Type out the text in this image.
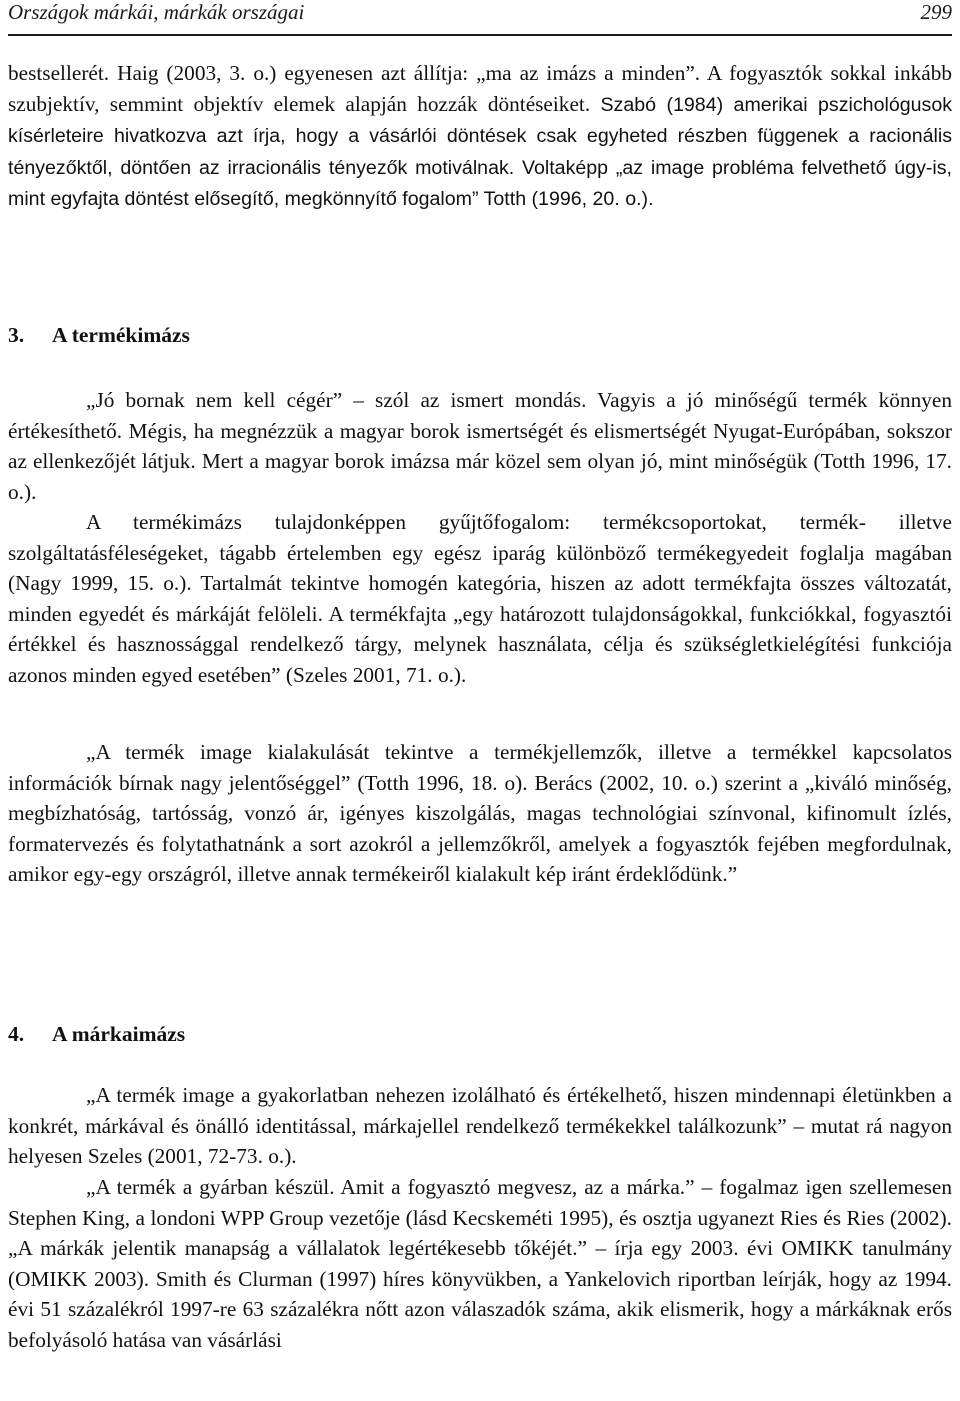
Országok márkái, márkák országai	299

bestsellerét. Haig (2003, 3. o.) egyenesen azt állítja: „ma az imázs a minden”. A fogyasztók sokkal inkább szubjektív, semmint objektív elemek alapján hozzák döntéseiket. Szabó (1984) amerikai pszichológusok kísérleteire hivatkozva azt írja, hogy a vásárlói döntések csak egyheted részben függenek a racionális tényezőktől, döntően az irracionális tényezők motiválnak. Voltaképp „az image probléma felvethető úgy-is, mint egyfajta döntést elősegítő, megkönnyítő fogalom” Totth (1996, 20. o.).

3. A termékimázs

„Jó bornak nem kell cégér” – szól az ismert mondás. Vagyis a jó minőségű termék könnyen értékesíthető. Mégis, ha megnézzük a magyar borok ismertségét és elismertségét Nyugat-Európában, sokszor az ellenkezőjét látjuk. Mert a magyar borok imázsa már közel sem olyan jó, mint minőségük (Totth 1996, 17. o.).

A termékimázs tulajdonképpen gyűjtőfogalom: termékcsoportokat, termék- illetve szolgáltatásféleségeket, tágabb értelemben egy egész iparág különböző termékegyedeit foglalja magában (Nagy 1999, 15. o.). Tartalmát tekintve homogén kategória, hiszen az adott termékfajta összes változatát, minden egyedét és márkáját felöleli. A termékfajta „egy határozott tulajdonságokkal, funkciókkal, fogyasztói értékkel és hasznossággal rendelkező tárgy, melynek használata, célja és szükségletkielégítési funkciója azonos minden egyed esetében” (Szeles 2001, 71. o.).

„A termék image kialakulását tekintve a termékjellemzők, illetve a termékkel kapcsolatos információk bírnak nagy jelentőséggel” (Totth 1996, 18. o). Berács (2002, 10. o.) szerint a „kiváló minőség, megbízhatóság, tartósság, vonzó ár, igényes kiszolgálás, magas technológiai színvonal, kifinomult ízlés, formatervezés és folytathatnánk a sort azokról a jellemzőkről, amelyek a fogyasztók fejében megfordulnak, amikor egy-egy országról, illetve annak termékeiről kialakult kép iránt érdeklődünk.”

4. A márkaimázs

„A termék image a gyakorlatban nehezen izolálható és értékelhető, hiszen mindennapi életünkben a konkrét, márkával és önálló identitással, márkajellel rendelkező termékekkel találkozunk” – mutat rá nagyon helyesen Szeles (2001, 72-73. o.).

„A termék a gyárban készül. Amit a fogyasztó megvesz, az a márka.” – fogalmaz igen szellemesen Stephen King, a londoni WPP Group vezetője (lásd Kecskeméti 1995), és osztja ugyanezt Ries és Ries (2002). „A márkák jelentik manapság a vállalatok legértékesebb tőkéjét.” – írja egy 2003. évi OMIKK tanulmány (OMIKK 2003). Smith és Clurman (1997) híres könyvükben, a Yankelovich riportban leírják, hogy az 1994. évi 51 százalékról 1997-re 63 százalékra nőtt azon válaszadók száma, akik elismerik, hogy a márkáknak erős befolyásoló hatása van vásárlási
